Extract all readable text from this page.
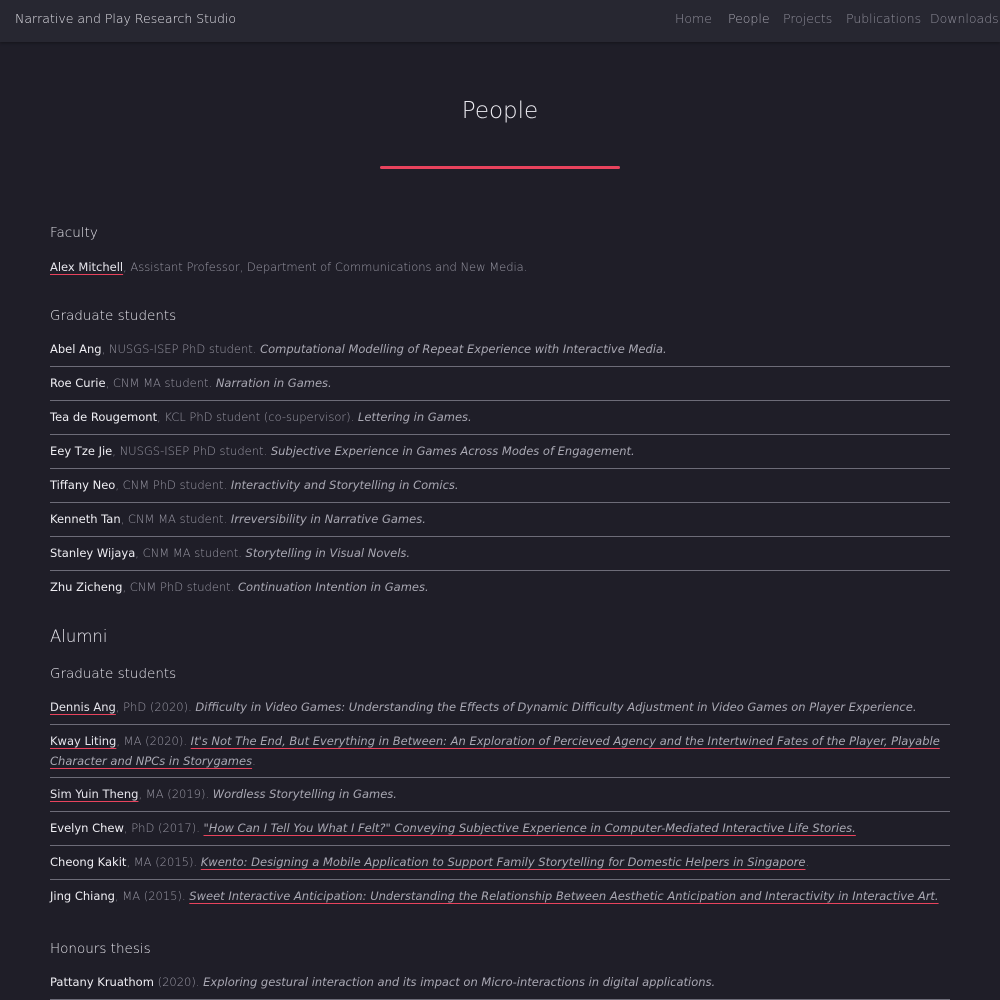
Narrative and Play Research Studio	Home People Projects Publications Downloads
People
Faculty
Alex Mitchell, Assistant Professor, Department of Communications and New Media.
Graduate students
Abel Ang, NUSGS-ISEP PhD student. Computational Modelling of Repeat Experience with Interactive Media.
Roe Curie, CNM MA student. Narration in Games.
Tea de Rougemont, KCL PhD student (co-supervisor). Lettering in Games.
Eey Tze Jie, NUSGS-ISEP PhD student. Subjective Experience in Games Across Modes of Engagement.
Tiffany Neo, CNM PhD student. Interactivity and Storytelling in Comics.
Kenneth Tan, CNM MA student. Irreversibility in Narrative Games.
Stanley Wijaya, CNM MA student. Storytelling in Visual Novels.
Zhu Zicheng, CNM PhD student. Continuation Intention in Games.
Alumni
Graduate students
Dennis Ang, PhD (2020). Difficulty in Video Games: Understanding the Effects of Dynamic Difficulty Adjustment in Video Games on Player Experience.
Kway Liting, MA (2020). It's Not The End, But Everything in Between: An Exploration of Percieved Agency and the Intertwined Fates of the Player, Playable Character and NPCs in Storygames.
Sim Yuin Theng, MA (2019). Wordless Storytelling in Games.
Evelyn Chew, PhD (2017). "How Can I Tell You What I Felt?" Conveying Subjective Experience in Computer-Mediated Interactive Life Stories.
Cheong Kakit, MA (2015). Kwento: Designing a Mobile Application to Support Family Storytelling for Domestic Helpers in Singapore.
Jing Chiang, MA (2015). Sweet Interactive Anticipation: Understanding the Relationship Between Aesthetic Anticipation and Interactivity in Interactive Art.
Honours thesis
Pattany Kruathom (2020). Exploring gestural interaction and its impact on Micro-interactions in digital applications.
